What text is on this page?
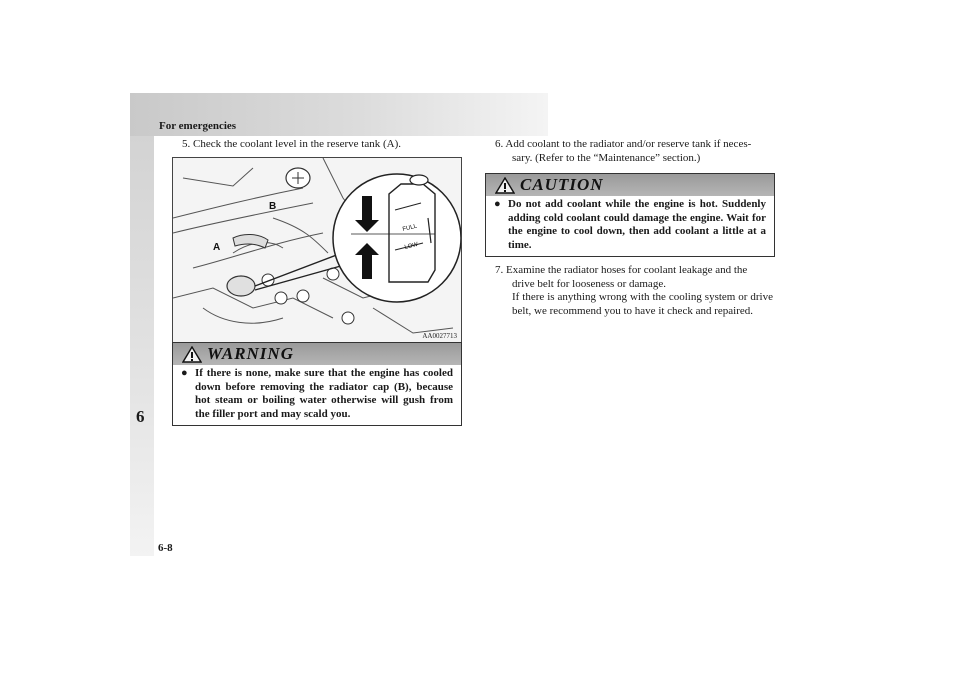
For emergencies
6
6-8
5. Check the coolant level in the reserve tank (A).
FULL
LOW
A
B
AA0027713
WARNING
● If there is none, make sure that the engine has cooled down before removing the radiator cap (B), because hot steam or boiling water otherwise will gush from the filler port and may scald you.
6. Add coolant to the radiator and/or reserve tank if neces-
sary. (Refer to the “Maintenance” section.)
CAUTION
● Do not add coolant while the engine is hot. Suddenly adding cold coolant could damage the engine. Wait for the engine to cool down, then add coolant a little at a time.
7. Examine the radiator hoses for coolant leakage and the
drive belt for looseness or damage.
If there is anything wrong with the cooling system or drive belt, we recommend you to have it check and repaired.
